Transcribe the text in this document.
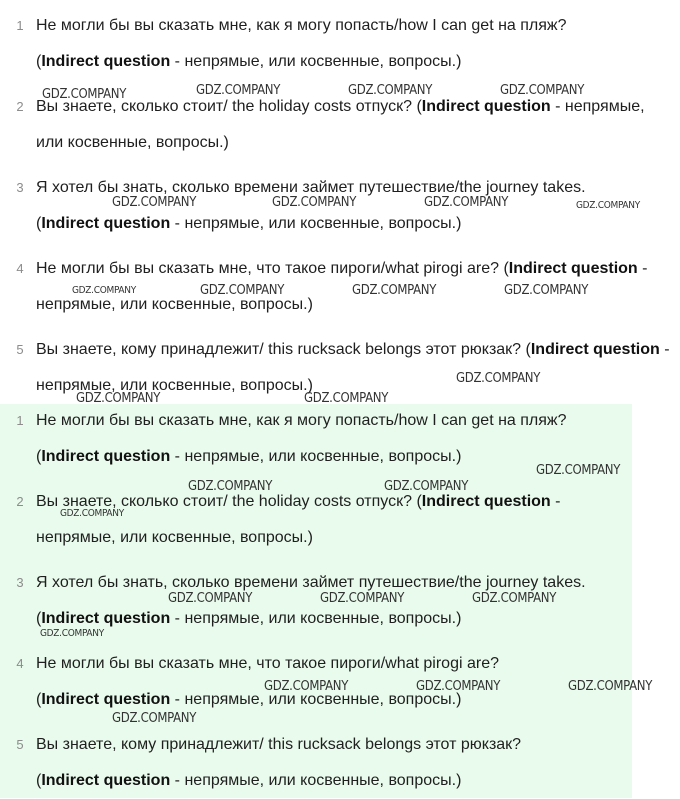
1 Не могли бы вы сказать мне, как я могу попасть/how I can get на пляж?
(Indirect question - непрямые, или косвенные, вопросы.)
2 Вы знаете, сколько стоит/ the holiday costs отпуск? (Indirect question - непрямые, или косвенные, вопросы.)
3 Я хотел бы знать, сколько времени займет путешествие/the journey takes.
(Indirect question - непрямые, или косвенные, вопросы.)
4 Не могли бы вы сказать мне, что такое пироги/what pirogi are? (Indirect question - непрямые, или косвенные, вопросы.)
5 Вы знаете, кому принадлежит/ this rucksack belongs этот рюкзак? (Indirect question - непрямые, или косвенные, вопросы.)
1 Не могли бы вы сказать мне, как я могу попасть/how I can get на пляж? (Indirect question - непрямые, или косвенные, вопросы.)
2 Вы знаете, сколько стоит/ the holiday costs отпуск? (Indirect question - непрямые, или косвенные, вопросы.)
3 Я хотел бы знать, сколько времени займет путешествие/the journey takes. (Indirect question - непрямые, или косвенные, вопросы.)
4 Не могли бы вы сказать мне, что такое пироги/what pirogi are?
(Indirect question - непрямые, или косвенные, вопросы.)
5 Вы знаете, кому принадлежит/ this rucksack belongs этот рюкзак?
(Indirect question - непрямые, или косвенные, вопросы.)
GDZ.COMPANY	GDZ.COMPANY	GDZ.COMPANY	GDZ.COMPANY
GDZ.COMPANY	GDZ.COMPANY	GDZ.COMPANY	GDZ.COMPANY
GDZ.COMPANY	GDZ.COMPANY	GDZ.COMPANY	GDZ.COMPANY
GDZ.COMPANY
GDZ.COMPANY	GDZ.COMPANY
GDZ.COMPANY
GDZ.COMPANY	GDZ.COMPANY
GDZ.COMPANY
GDZ.COMPANY	GDZ.COMPANY	GDZ.COMPANY
GDZ.COMPANY
GDZ.COMPANY	GDZ.COMPANY	GDZ.COMPANY
GDZ.COMPANY
